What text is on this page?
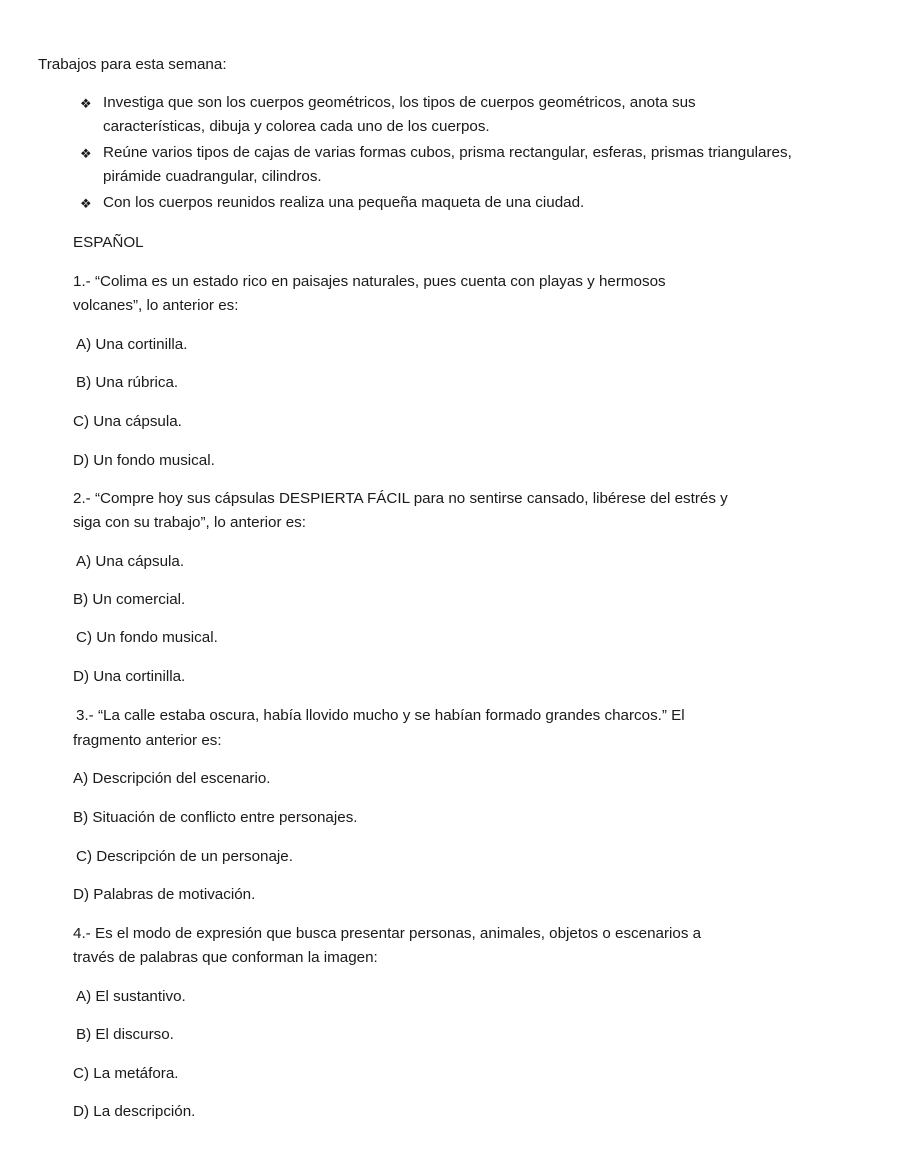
Trabajos para esta semana:
❖ Investiga que son los cuerpos geométricos, los tipos de cuerpos geométricos, anota sus características, dibuja y colorea cada uno de los cuerpos.
❖ Reúne varios tipos de cajas de varias formas cubos, prisma rectangular, esferas, prismas triangulares, pirámide cuadrangular, cilindros.
❖ Con los cuerpos reunidos realiza una pequeña maqueta de una ciudad.
ESPAÑOL
1.- “Colima es un estado rico en paisajes naturales, pues cuenta con playas y hermosos
volcanes”, lo anterior es:
A) Una cortinilla.
B) Una rúbrica.
C) Una cápsula.
D) Un fondo musical.
2.- “Compre hoy sus cápsulas DESPIERTA FÁCIL para no sentirse cansado, libérese del estrés y
siga con su trabajo”, lo anterior es:
A) Una cápsula.
B) Un comercial.
C) Un fondo musical.
D) Una cortinilla.
3.- “La calle estaba oscura, había llovido mucho y se habían formado grandes charcos.” El
fragmento anterior es:
A) Descripción del escenario.
B) Situación de conflicto entre personajes.
C) Descripción de un personaje.
D) Palabras de motivación.
4.- Es el modo de expresión que busca presentar personas, animales, objetos o escenarios a
través de palabras que conforman la imagen:
A) El sustantivo.
B) El discurso.
C) La metáfora.
D) La descripción.
